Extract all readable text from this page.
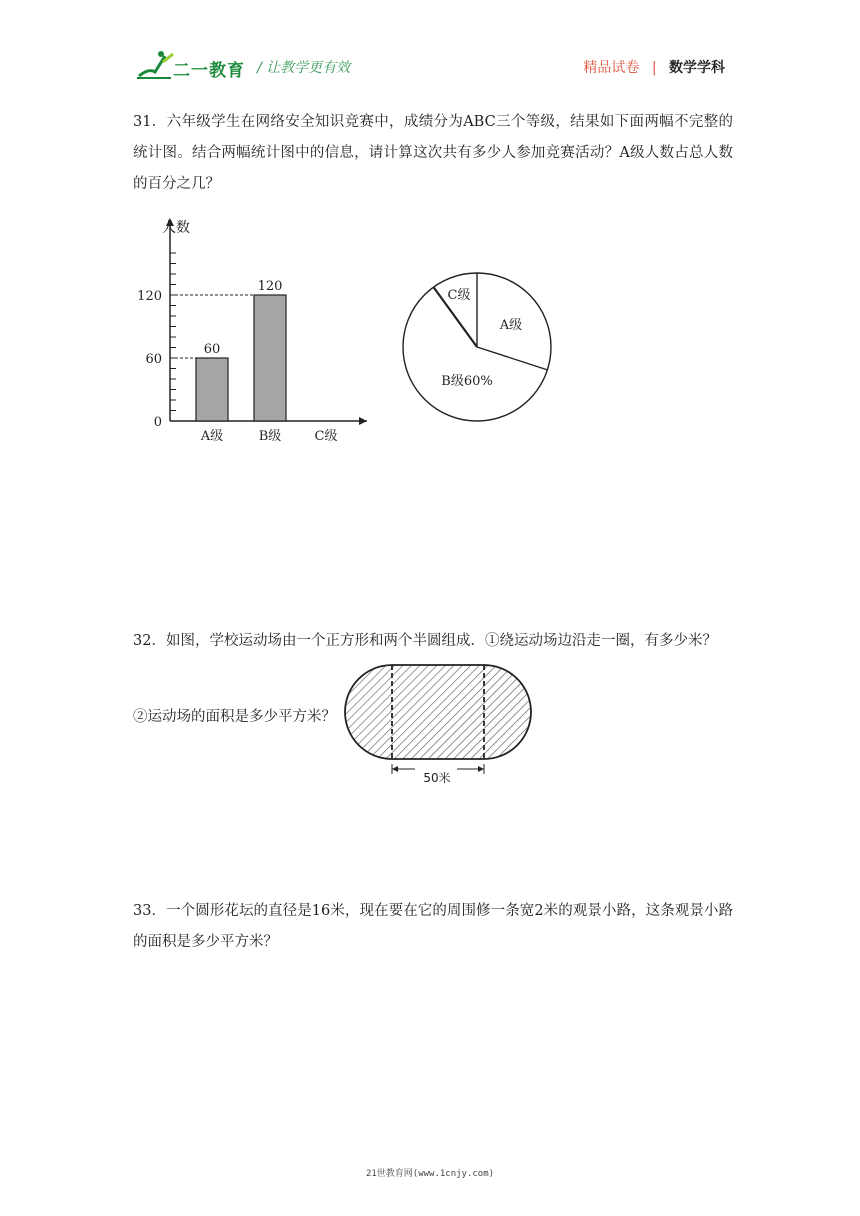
二一教育 / 让教学更有效	精品试卷 | 数学学科
31．六年级学生在网络安全知识竞赛中，成绩分为ABC三个等级，结果如下面两幅不完整的统计图。结合两幅统计图中的信息，请计算这次共有多少人参加竞赛活动？A级人数占总人数的百分之几？
人数
0
60
120
60
A级
120
B级	C级
A级
B级60%
C级
32．如图，学校运动场由一个正方形和两个半圆组成．①绕运动场边沿走一圈，有多少米？
②运动场的面积是多少平方米？
50米
33．一个圆形花坛的直径是16米，现在要在它的周围修一条宽2米的观景小路，这条观景小路的面积是多少平方米？
21世教育网(www.1cnjy.com)
